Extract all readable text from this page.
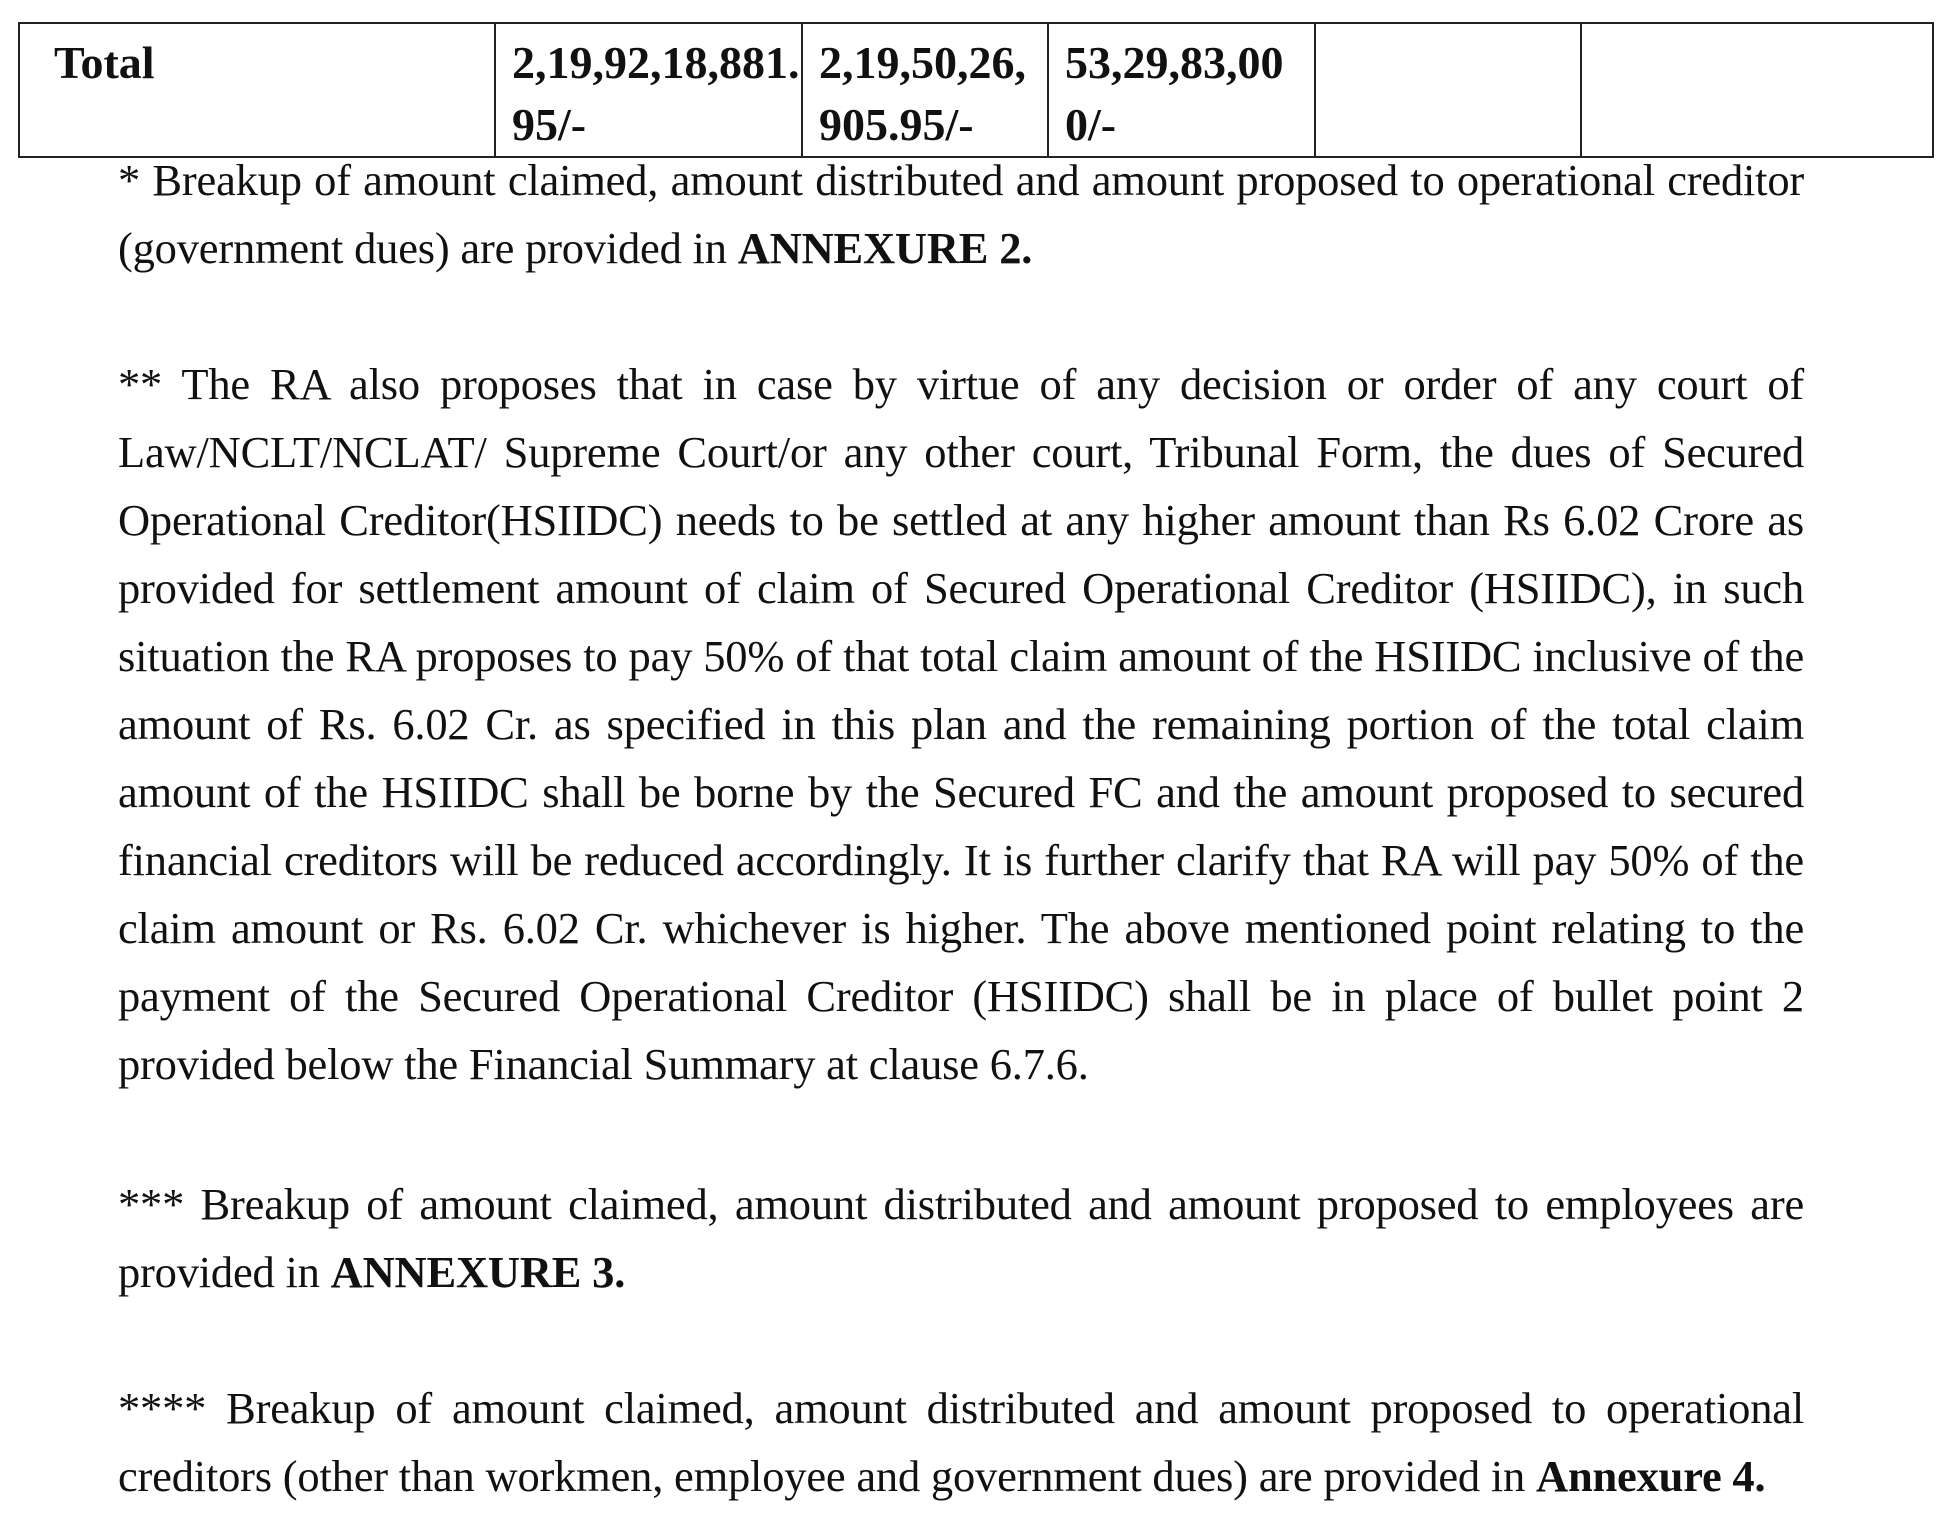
Total	2,19,92,18,881.95/-	2,19,50,26,905.95/-	53,29,83,000/-		

* Breakup of amount claimed, amount distributed and amount proposed to operational creditor (government dues) are provided in ANNEXURE 2.

** The RA also proposes that in case by virtue of any decision or order of any court of Law/NCLT/NCLAT/ Supreme Court/or any other court, Tribunal Form, the dues of Secured Operational Creditor(HSIIDC) needs to be settled at any higher amount than Rs 6.02 Crore as provided for settlement amount of claim of Secured Operational Creditor (HSIIDC), in such situation the RA proposes to pay 50% of that total claim amount of the HSIIDC inclusive of the amount of Rs. 6.02 Cr. as specified in this plan and the remaining portion of the total claim amount of the HSIIDC shall be borne by the Secured FC and the amount proposed to secured financial creditors will be reduced accordingly. It is further clarify that RA will pay 50% of the claim amount or Rs. 6.02 Cr. whichever is higher. The above mentioned point relating to the payment of the Secured Operational Creditor (HSIIDC) shall be in place of bullet point 2 provided below the Financial Summary at clause 6.7.6.

*** Breakup of amount claimed, amount distributed and amount proposed to employees are provided in ANNEXURE 3.

**** Breakup of amount claimed, amount distributed and amount proposed to operational creditors (other than workmen, employee and government dues) are provided in Annexure 4.
